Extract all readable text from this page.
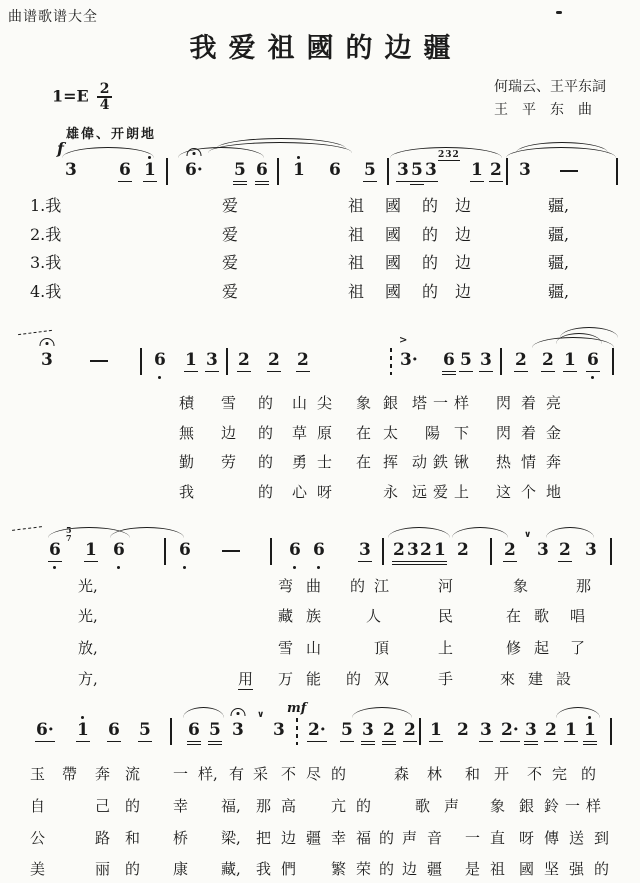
曲谱歌谱大全
我爱祖國的边疆
$1=E \frac{2}{4}$	何瑞云、王平东詞
王平东曲
雄偉、开朗地
f
3 6 1 6· 5 6 1 6 5 3 5 3
232
1 2 3
1.我	爱	祖 國 的 边	疆,
2.我	爱	祖 國 的 边	疆,
3.我	爱	祖 國 的 边	疆,
4.我	爱	祖 國 的 边	疆,
3	6 1 3 2 2 2	3·
>
6 5 3 2 2 1 6
積 雪 的 山 尖 象 銀 塔 一 样 閃 着 亮
無 边 的 草 原 在 太 陽 下 閃 着 金
勤 劳 的 勇 士 在 挥 动 鉄 锹 热 情 奔
我	的 心 呀	永 远 爱 上 这 个 地
6
5
7
1 6	6	6 6 3 2 3 2 1 2 2
∨
3 2 3
光,	弯 曲 的 江	河	象	那
光,	藏 族	人	民	在 歌 唱
放,	雪 山	頂	上	修 起 了
方,	用 万 能 的 双	手	來 建 設
6· 1 6 5 6 5 3
∨
3
mf
2· 5 3 2 2 1 2 3 2· 3 2 1 1
玉 帶 奔 流 一 样, 有 采 不 尽 的	森 林 和 开 不 完 的
自	己 的 幸 福, 那 高 亢 的	歌 声 象 銀 鈴 一 样
公	路 和 桥 梁, 把 边 疆 幸 福 的 声 音 一 直 呀 傳 送 到
美	丽 的 康 藏, 我 們 繁 荣 的 边 疆 是 祖 國 坚 强 的
